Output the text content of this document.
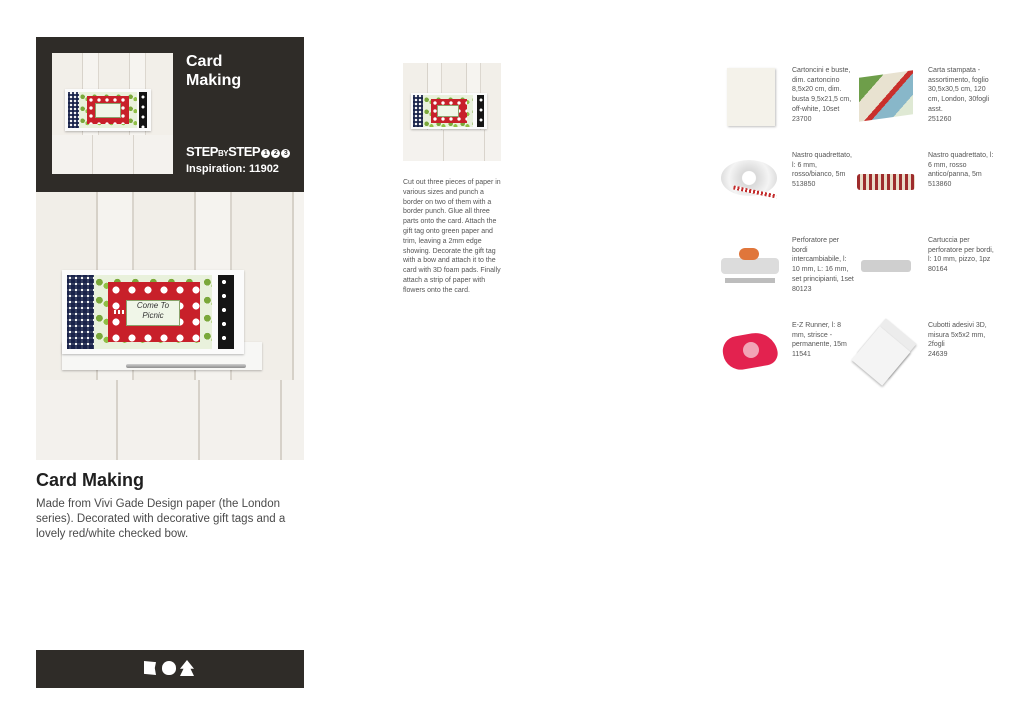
Card
Making
STEPBYSTEP 1 2 3
Inspiration: 11902
Come To Picnic
Card Making
Made from Vivi Gade Design paper (the London series). Decorated with decorative gift tags and a lovely red/white checked bow.
Cut out three pieces of paper in various sizes and punch a border on two of them with a border punch. Glue all three parts onto the card. Attach the gift tag onto green paper and trim, leaving a 2mm edge showing. Decorate the gift tag with a bow and attach it to the card with 3D foam pads. Finally attach a strip of paper with flowers onto the card.
Cartoncini e buste, dim. cartoncino 8,5x20 cm, dim. busta 9,5x21,5 cm, off-white, 10set
23700
Carta stampata - assortimento, foglio 30,5x30,5 cm, 120 cm, London, 30fogli asst.
251260
Nastro quadrettato, l: 6 mm, rosso/bianco, 5m
513850
Nastro quadrettato, l: 6 mm, rosso antico/panna, 5m
513860
Perforatore per bordi intercambiabile, l: 10 mm, L: 16 mm, set principianti, 1set
80123
Cartuccia per perforatore per bordi, l: 10 mm, pizzo, 1pz
80164
E-Z Runner, l: 8 mm, strisce - permanente, 15m
11541
Cubotti adesivi 3D, misura 5x5x2 mm, 2fogli
24639
